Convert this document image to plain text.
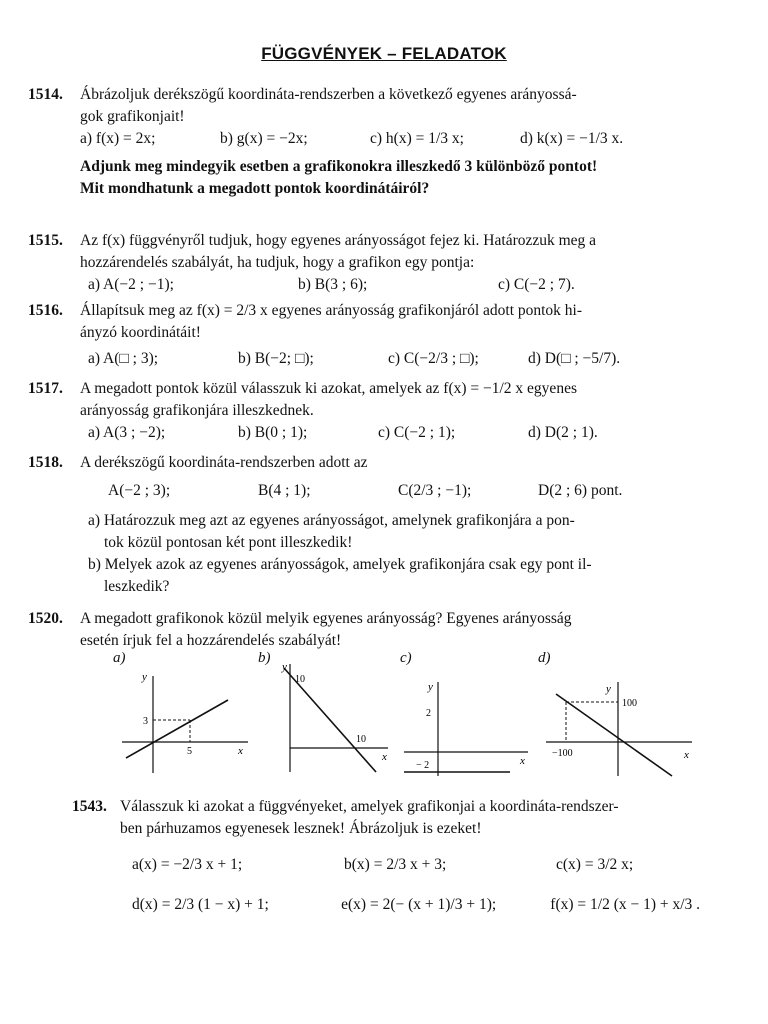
FÜGGVÉNYEK – FELADATOK
1514. Ábrázoljuk derékszögű koordináta-rendszerben a következő egyenes arányossá-
gok grafikonjait!
a) f(x) = 2x;	b) g(x) = −2x;	c) h(x) = 1/3 x;	d) k(x) = −1/3 x.
Adjunk meg mindegyik esetben a grafikonokra illeszkedő 3 különböző pontot!
Mit mondhatunk a megadott pontok koordinátáiról?
1515. Az f(x) függvényről tudjuk, hogy egyenes arányosságot fejez ki. Határozzuk meg a
hozzárendelés szabályát, ha tudjuk, hogy a grafikon egy pontja:
a) A(−2 ; −1);	b) B(3 ; 6);	c) C(−2 ; 7).
1516. Állapítsuk meg az f(x) = 2/3 x egyenes arányosság grafikonjáról adott pontok hi-
ányzó koordinátáit!
a) A(□ ; 3);	b) B(−2; □);	c) C(−2/3 ; □);	d) D(□ ; −5/7).
1517. A megadott pontok közül válasszuk ki azokat, amelyek az f(x) = −1/2 x egyenes
arányosság grafikonjára illeszkednek.
a) A(3 ; −2);	b) B(0 ; 1);	c) C(−2 ; 1);	d) D(2 ; 1).
1518. A derékszögű koordináta-rendszerben adott az
A(−2 ; 3);	B(4 ; 1);	C(2/3 ; −1);	D(2 ; 6) pont.
a) Határozzuk meg azt az egyenes arányosságot, amelynek grafikonjára a pon-
tok közül pontosan két pont illeszkedik!
b) Melyek azok az egyenes arányosságok, amelyek grafikonjára csak egy pont il-
leszkedik?
1520. A megadott grafikonok közül melyik egyenes arányosság? Egyenes arányosság
esetén írjuk fel a hozzárendelés szabályát!
a)	b)	c)	d)
y
x
3
5
y
x
10
10
y
x
2
− 2
y
x
100
−100
1543. Válasszuk ki azokat a függvényeket, amelyek grafikonjai a koordináta-rendszer-
ben párhuzamos egyenesek lesznek! Ábrázoljuk is ezeket!
a(x) = −2/3 x + 1;	b(x) = 2/3 x + 3;	c(x) = 3/2 x;
d(x) = 2/3 (1 − x) + 1;	e(x) = 2(− (x + 1)/3 + 1);	f(x) = 1/2 (x − 1) + x/3 .
